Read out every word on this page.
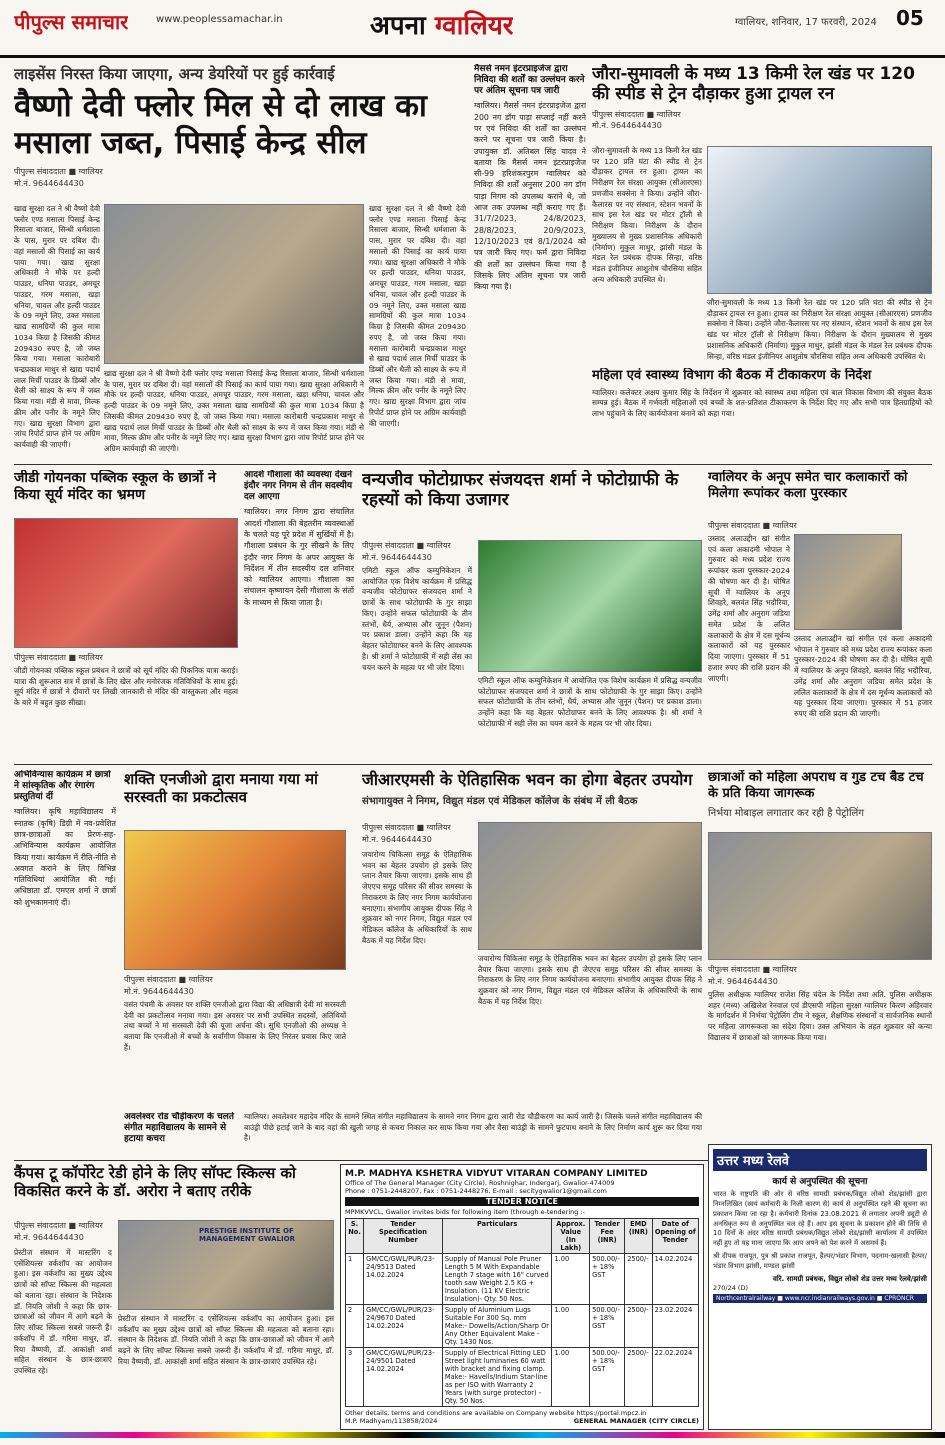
पीपुल्स समाचार	www.peoplessamachar.in	अपना ग्वालियर	ग्वालियर, शनिवार, 17 फरवरी, 2024 05
लाइसेंस निरस्त किया जाएगा, अन्य डेयरियों पर हुई कार्रवाई
वैष्णो देवी फ्लोर मिल से दो लाख का मसाला जब्त, पिसाई केन्द्र सील
पीपुल्स संवाददाता ■ ग्वालियर
मो.नं. 9644644430
खाद्य सुरक्षा दल ने श्री वैष्णो देवी फ्लोर एण्ड मसाला पिसाई केन्द्र रिसाला बाजार, सिन्धी धर्मशाला के पास, मुरार पर दबिश दी। वहां मसालों की पिसाई का कार्य पाया गया। खाद्य सुरक्षा अधिकारी ने मौके पर हल्दी पाउडर, धनिया पाउडर, अमचूर पाउडर, गरम मसाला, खड़ा धनिया, चावल और हल्दी पाउडर के 09 नमूने लिए, उक्त मसाला खाद्य सामग्रियों की कुल मात्रा 1034 किग्रा है जिसकी कीमत 209430 रुपए है, जो जब्त किया गया। मसाला कारोबारी चन्द्रप्रकाश माथुर से खाद्य पदार्थ लाल मिर्ची पाउडर के डिब्बों और थैली को साक्ष्य के रूप में जब्त किया गया। मंडी से मावा, मिल्क क्रीम और पनीर के नमूने लिए गए। खाद्य सुरक्षा विभाग द्वारा जांच रिपोर्ट प्राप्त होने पर अग्रिम कार्यवाही की जाएगी।
खाद्य सुरक्षा दल ने श्री वैष्णो देवी फ्लोर एण्ड मसाला पिसाई केन्द्र रिसाला बाजार, सिन्धी धर्मशाला के पास, मुरार पर दबिश दी। वहां मसालों की पिसाई का कार्य पाया गया। खाद्य सुरक्षा अधिकारी ने मौके पर हल्दी पाउडर, धनिया पाउडर, अमचूर पाउडर, गरम मसाला, खड़ा धनिया, चावल और हल्दी पाउडर के 09 नमूने लिए, उक्त मसाला खाद्य सामग्रियों की कुल मात्रा 1034 किग्रा है जिसकी कीमत 209430 रुपए है, जो जब्त किया गया। मसाला कारोबारी चन्द्रप्रकाश माथुर से खाद्य पदार्थ लाल मिर्ची पाउडर के डिब्बों और थैली को साक्ष्य के रूप में जब्त किया गया। मंडी से मावा, मिल्क क्रीम और पनीर के नमूने लिए गए। खाद्य सुरक्षा विभाग द्वारा जांच रिपोर्ट प्राप्त होने पर अग्रिम कार्यवाही की जाएगी।
खाद्य सुरक्षा दल ने श्री वैष्णो देवी फ्लोर एण्ड मसाला पिसाई केन्द्र रिसाला बाजार, सिन्धी धर्मशाला के पास, मुरार पर दबिश दी। वहां मसालों की पिसाई का कार्य पाया गया। खाद्य सुरक्षा अधिकारी ने मौके पर हल्दी पाउडर, धनिया पाउडर, अमचूर पाउडर, गरम मसाला, खड़ा धनिया, चावल और हल्दी पाउडर के 09 नमूने लिए, उक्त मसाला खाद्य सामग्रियों की कुल मात्रा 1034 किग्रा है जिसकी कीमत 209430 रुपए है, जो जब्त किया गया। मसाला कारोबारी चन्द्रप्रकाश माथुर से खाद्य पदार्थ लाल मिर्ची पाउडर के डिब्बों और थैली को साक्ष्य के रूप में जब्त किया गया। मंडी से मावा, मिल्क क्रीम और पनीर के नमूने लिए गए। खाद्य सुरक्षा विभाग द्वारा जांच रिपोर्ट प्राप्त होने पर अग्रिम कार्यवाही की जाएगी।
मैसर्स नमन इंटरप्राइजेज द्वारा निविदा की शर्तों का उल्लंघन करने पर अंतिम सूचना पत्र जारी
ग्वालियर। मैसर्स नमन इंटरप्राइजेज द्वारा 200 नग डॉग पाड़ा सप्लाई नहीं करने पर एवं निविदा की शर्तों का उल्लंघन करने पर सूचना पत्र जारी किया है। उपायुक्त डॉ. अतिबल सिंह यादव ने बताया कि मैसर्स नमन इंटरप्राइजेज सी-99 हरिशंकरपुरम ग्वालियर को निविदा की शर्तों अनुसार 200 नग डॉग पाड़ा निगम को उपलब्ध कराने थे, जो आज तक उपलब्ध नहीं कराए गए हैं। 31/7/2023, 24/8/2023, 28/8/2023, 20/9/2023, 12/10/2023 एवं 8/1/2024 को पत्र जारी किए गए। फर्म द्वारा निविदा की शर्तों का उल्लंघन किया गया है जिसके लिए अंतिम सूचना पत्र जारी किया गया है।
जौरा-सुमावली के मध्य 13 किमी रेल खंड पर 120 की स्पीड से ट्रेन दौड़ाकर हुआ ट्रायल रन
पीपुल्स संवाददाता ■ ग्वालियर
मो.नं. 9644644430
जौरा-सुमावली के मध्य 13 किमी रेल खंड पर 120 प्रति घंटा की स्पीड से ट्रेन दौड़ाकर ट्रायल रन हुआ। ट्रायल का निरीक्षण रेल संरक्षा आयुक्त (सीआरएस) प्रणजीव सक्सेना ने किया। उन्होंने जौरा-कैलारस पर नए संस्थान, स्टेशन भवनों के साथ इस रेल खंड पर मोटर ट्रॉली से निरीक्षण किया। निरीक्षण के दौरान मुख्यालय से मुख्य प्रशासनिक अधिकारी (निर्माण) मुकुल माथुर, झांसी मंडल के मंडल रेल प्रबंधक दीपक सिन्हा, वरिष्ठ मंडल इंजीनियर आशुतोष चौरसिया सहित अन्य अधिकारी उपस्थित थे।
जौरा-सुमावली के मध्य 13 किमी रेल खंड पर 120 प्रति घंटा की स्पीड से ट्रेन दौड़ाकर ट्रायल रन हुआ। ट्रायल का निरीक्षण रेल संरक्षा आयुक्त (सीआरएस) प्रणजीव सक्सेना ने किया। उन्होंने जौरा-कैलारस पर नए संस्थान, स्टेशन भवनों के साथ इस रेल खंड पर मोटर ट्रॉली से निरीक्षण किया। निरीक्षण के दौरान मुख्यालय से मुख्य प्रशासनिक अधिकारी (निर्माण) मुकुल माथुर, झांसी मंडल के मंडल रेल प्रबंधक दीपक सिन्हा, वरिष्ठ मंडल इंजीनियर आशुतोष चौरसिया सहित अन्य अधिकारी उपस्थित थे।
महिला एवं स्वास्थ्य विभाग की बैठक में टीकाकरण के निर्देश
ग्वालियर। कलेक्टर अक्षय कुमार सिंह के निर्देशन में शुक्रवार को स्वास्थ्य तथा महिला एवं बाल विकास विभाग की संयुक्त बैठक सम्पन्न हुई। बैठक में गर्भवती महिलाओं एवं बच्चों के शत-प्रतिशत टीकाकरण के निर्देश दिए गए और सभी पात्र हितग्राहियों को लाभ पहुंचाने के लिए कार्ययोजना बनाने को कहा गया।
जीडी गोयनका पब्लिक स्कूल के छात्रों ने किया सूर्य मंदिर का भ्रमण
पीपुल्स संवाददाता ■ ग्वालियर
जीडी गोयनका पब्लिक स्कूल प्रबंधन ने छात्रों को सूर्य मंदिर की पिकनिक यात्रा कराई। यात्रा की शुरूआत सत्र में छात्रों के लिए खेल और मनोरंजक गतिविधियों के साथ हुई। सूर्य मंदिर में छात्रों ने दीवारों पर लिखी जानकारी से मंदिर की वास्तुकला और महत्व के बारे में बहुत कुछ सीखा।
आदर्श गौशाला की व्यवस्था देखने इंदौर नगर निगम से तीन सदस्यीय दल आएगा
ग्वालियर। नगर निगम द्वारा संचालित आदर्श गौशाला की बेहतरीन व्यवस्थाओं के चलते यह पूरे प्रदेश में सुर्खियों में है। गौशाला प्रबंधन के गुर सीखने के लिए इंदौर नगर निगम के अपर आयुक्त के निर्देशन में तीन सदस्यीय दल शनिवार को ग्वालियर आएगा। गौशाला का संचालन कृष्णायन देसी गौशाला के संतों के माध्यम से किया जाता है।
वन्यजीव फोटोग्राफर संजयदत्त शर्मा ने फोटोग्राफी के रहस्यों को किया उजागर
पीपुल्स संवाददाता ■ ग्वालियर
मो.नं. 9644644430
एमिटी स्कूल ऑफ कम्युनिकेशन में आयोजित एक विशेष कार्यक्रम में प्रसिद्ध वन्यजीव फोटोग्राफर संजयदत्त शर्मा ने छात्रों के साथ फोटोग्राफी के गुर साझा किए। उन्होंने सफल फोटोग्राफी के तीन स्तंभों, धैर्य, अभ्यास और जुनून (पैशन) पर प्रकाश डाला। उन्होंने कहा कि यह बेहतर फोटोग्राफर बनने के लिए आवश्यक है। श्री शर्मा ने फोटोग्राफी में सही लेंस का चयन करने के महत्व पर भी जोर दिया।
एमिटी स्कूल ऑफ कम्युनिकेशन में आयोजित एक विशेष कार्यक्रम में प्रसिद्ध वन्यजीव फोटोग्राफर संजयदत्त शर्मा ने छात्रों के साथ फोटोग्राफी के गुर साझा किए। उन्होंने सफल फोटोग्राफी के तीन स्तंभों, धैर्य, अभ्यास और जुनून (पैशन) पर प्रकाश डाला। उन्होंने कहा कि यह बेहतर फोटोग्राफर बनने के लिए आवश्यक है। श्री शर्मा ने फोटोग्राफी में सही लेंस का चयन करने के महत्व पर भी जोर दिया।
ग्वालियर के अनूप समेत चार कलाकारों को मिलेगा रूपांकर कला पुरस्कार
पीपुल्स संवाददाता ■ ग्वालियर
उस्ताद अलाउद्दीन खां संगीत एवं कला अकादमी भोपाल ने गुरुवार को मध्य प्रदेश राज्य रूपांकर कला पुरस्कार-2024 की घोषणा कर दी है। घोषित सूची में ग्वालियर के अनूप शिवहरे, बलवंत सिंह भदौरिया, उमेंद्र शर्मा और अनुराग जडिया समेत प्रदेश के ललित कलाकारों के क्षेत्र में दस मूर्धन्य कलाकारों को यह पुरस्कार दिया जाएगा। पुरस्कार में 51 हजार रुपए की राशि प्रदान की जाएगी।
उस्ताद अलाउद्दीन खां संगीत एवं कला अकादमी भोपाल ने गुरुवार को मध्य प्रदेश राज्य रूपांकर कला पुरस्कार-2024 की घोषणा कर दी है। घोषित सूची में ग्वालियर के अनूप शिवहरे, बलवंत सिंह भदौरिया, उमेंद्र शर्मा और अनुराग जडिया समेत प्रदेश के ललित कलाकारों के क्षेत्र में दस मूर्धन्य कलाकारों को यह पुरस्कार दिया जाएगा। पुरस्कार में 51 हजार रुपए की राशि प्रदान की जाएगी।
अभिविन्यास कार्यक्रम में छात्रों ने सांस्कृतिक और रंगारंग प्रस्तुतियां दीं
ग्वालियर। कृषि महाविद्यालय में स्नातक (कृषि) डिग्री में नव-प्रवेशित छात्र-छात्राओं का प्रेरण-सह-अभिविन्यास कार्यक्रम आयोजित किया गया। कार्यक्रम में रीति-नीति से अवगत कराने के लिए विभिन्न गतिविधियां आयोजित की गईं। अधिष्ठाता डॉ. एमएल शर्मा ने छात्रों को शुभकामनाएं दीं।
शक्ति एनजीओ द्वारा मनाया गया मां सरस्वती का प्रकटोत्सव
पीपुल्स संवाददाता ■ ग्वालियर
मो.नं. 9644644430
वसंत पंचमी के अवसर पर शक्ति एनजीओ द्वारा विद्या की अधिष्ठात्री देवी मां सरस्वती देवी का प्रकटोत्सव मनाया गया। इस अवसर पर सभी उपस्थित सदस्यों, अतिथियों तथा बच्चों ने मां सरस्वती देवी की पूजा अर्चना की। सुधि एनजीओ की अध्यक्ष ने बताया कि एनजीओ में बच्चों के सर्वांगीण विकास के लिए निरंतर प्रयास किए जाते हैं।
जीआरएमसी के ऐतिहासिक भवन का होगा बेहतर उपयोग
संभागायुक्त ने निगम, विद्युत मंडल एवं मेडिकल कॉलेज के संबंध में ली बैठक
पीपुल्स संवाददाता ■ ग्वालियर
मो.नं. 9644644430
जयारोग्य चिकित्सा समूह के ऐतिहासिक भवन का बेहतर उपयोग हो इसके लिए प्लान तैयार किया जाएगा। इसके साथ ही जेएएच समूह परिसर की सीवर समस्या के निराकरण के लिए नगर निगम कार्ययोजना बनाएगा। संभागीय आयुक्त दीपक सिंह ने शुक्रवार को नगर निगम, विद्युत मंडल एवं मेडिकल कॉलेज के अधिकारियों के साथ बैठक में यह निर्देश दिए।
जयारोग्य चिकित्सा समूह के ऐतिहासिक भवन का बेहतर उपयोग हो इसके लिए प्लान तैयार किया जाएगा। इसके साथ ही जेएएच समूह परिसर की सीवर समस्या के निराकरण के लिए नगर निगम कार्ययोजना बनाएगा। संभागीय आयुक्त दीपक सिंह ने शुक्रवार को नगर निगम, विद्युत मंडल एवं मेडिकल कॉलेज के अधिकारियों के साथ बैठक में यह निर्देश दिए।
छात्राओं को महिला अपराध व गुड टच बैड टच के प्रति किया जागरूक
निर्भया मोबाइल लगातार कर रही है पेट्रोलिंग
पीपुल्स संवाददाता ■ ग्वालियर
मो.नं. 9644644430
पुलिस अधीक्षक ग्वालियर राजेश सिंह चंदेल के निर्देश तथा अति. पुलिस अधीक्षक शहर (मध्य) अखिलेश रेनवाल एवं डीएसपी महिला सुरक्षा ग्वालियर किरण अहिरवार के मार्गदर्शन में निर्भया पेट्रोलिंग टीम ने स्कूल, शैक्षणिक संस्थानों व सार्वजनिक स्थानों पर महिला जागरूकता का संदेश दिया। उक्त अभियान के तहत शुक्रवार को कन्या विद्यालय में छात्राओं को जागरूक किया गया।
अवलेश्वर रोड चौड़ीकरण के चलते संगीत महाविद्यालय के सामने से हटाया कचरा
ग्वालियर। अवलेश्वर महादेव मंदिर के सामने स्थित संगीत महाविद्यालय के सामने नगर निगम द्वारा जारी रोड चौड़ीकरण का कार्य जारी है। जिसके चलते संगीत महाविद्यालय की बाउंड्री पीछे हटाई जाने के बाद वहां की खुली जगह से कचरा निकाल कर साफ किया गया और वैसा बाउंड्री के सामने फुटपाथ बनाने के लिए निर्माण कार्य शुरू कर दिया गया है।
कैंपस टू कॉर्पोरेट रेडी होने के लिए सॉफ्ट स्किल्स को विकसित करने के डॉ. अरोरा ने बताए तरीके
पीपुल्स संवाददाता ■ ग्वालियर
मो.नं. 9644644430
PRESTIGE INSTITUTE OF MANAGEMENT GWALIOR
प्रेस्टीज संस्थान में मास्टरिंग द एसेंशियल्स वर्कशॉप का आयोजन हुआ। इस वर्कशॉप का मुख्य उद्देश्य छात्रों को सॉफ्ट स्किल्स की महत्वता को बताना रहा। संस्थान के निदेशक डॉ. नियति जोशी ने कहा कि छात्र-छात्राओं को जीवन में आगे बढ़ने के लिए सॉफ्ट स्किल्स सबसे जरूरी हैं। वर्कशॉप में डॉ. गरिमा माथुर, डॉ. रिया वैष्णवी, डॉ. आकांक्षी शर्मा सहित संस्थान के छात्र-छात्राएं उपस्थित रहे।
प्रेस्टीज संस्थान में मास्टरिंग द एसेंशियल्स वर्कशॉप का आयोजन हुआ। इस वर्कशॉप का मुख्य उद्देश्य छात्रों को सॉफ्ट स्किल्स की महत्वता को बताना रहा। संस्थान के निदेशक डॉ. नियति जोशी ने कहा कि छात्र-छात्राओं को जीवन में आगे बढ़ने के लिए सॉफ्ट स्किल्स सबसे जरूरी हैं। वर्कशॉप में डॉ. गरिमा माथुर, डॉ. रिया वैष्णवी, डॉ. आकांक्षी शर्मा सहित संस्थान के छात्र-छात्राएं उपस्थित रहे।
M.P. MADHYA KSHETRA VIDYUT VITARAN COMPANY LIMITED
Office of The General Manager (City Circle), Roshnighar, Indergarj, Gwalior-474009
Phone : 0751-2448207, Fax : 0751-2448276, E-mail : secitygwalior1@gmail.com
TENDER NOTICE
MPMKVVCL, Gwalior invites bids for following item (through e-tendering :-
S. No.	Tender Specification Number	Particulars	Approx. Value (In Lakh)	Tender Fee (INR)	EMD (INR)	Date of Opening of Tender
1	GM/CC/GWL/PUR/23-24/9513 Dated 14.02.2024	Supply of Manual Pole Pruner Length 5 M With Expandable Length 7 stage with 16" curved tooth saw Weight 2.5 KG + Insulation. (11 KV Electric Insulation)- Qty. 50 Nos.	1.00	500.00/- + 18% GST	2500/-	14.02.2024
2	GM/CC/GWL/PUR/23-24/9670 Dated 14.02.2024	Supply of Aluminium Lugs Suitable For 300 Sq. mm Make:- Dowells/Action/Sharp Or Any Other Equivalent Make - Qty. 1430 Nos.	1.00	500.00/- + 18% GST	2500/-	23.02.2024
3	GM/CC/GWL/PUR/23-24/9501 Dated 14.02.2024	Supply of Electrical Fitting LED Street light luminaries 60 watt with bracket and fixing clamp. Make:- Havells/Indium Star-line as per ISO with Warranty 2 Years (with surge protector) - Qty. 50 Nos.	1.00	500.00/- + 18% GST	2500/-	22.02.2024
Other details, terms and conditions are available on Company website https://portal.mpcz.in
M.P. Madhyam/113858/2024	GENERAL MANAGER (CITY CIRCLE)
उत्तर मध्य रेलवे
कार्य से अनुपस्थित की सूचना
भारत के राष्ट्रपति की ओर से वरिष्ठ सामग्री प्रबंधक/विद्युत लोको शेड/झांसी द्वारा निम्नलिखित (स्वयं कर्मचारी के निजी कारण से) कार्य से अनुपस्थित रहने की सूचना का प्रकाशन किया जा रहा है। कर्मचारी दिनांक 23.08.2021 से लगातार अपनी ड्यूटी से अनधिकृत रूप से अनुपस्थित चल रहे हैं। आप इस सूचना के प्रकाशन होने की तिथि से 10 दिनों के अंदर वरिष्ठ सामग्री प्रबंधक/विद्युत लोको शेड/झांसी कार्यालय में उपस्थित नहीं हुए तो यह माना जाएगा कि आप अपने को पेश करने में असमर्थ हैं।
श्री दीपक राजपूत, पुत्र श्री प्रकाश राजपूत, हैल्पर/भंडार विभाग, पदनाम-खलासी हैल्पर/भंडार विभाग झांसी, मण्डल झांसी
वरि. सामग्री प्रबंधक, विद्युत लोको शेड उत्तर मध्य रेलवे/झांसी
270/24 (D)
Northcentralrailway ■ www.ncr.indianrailways.gov.in ■ CPRONCR
